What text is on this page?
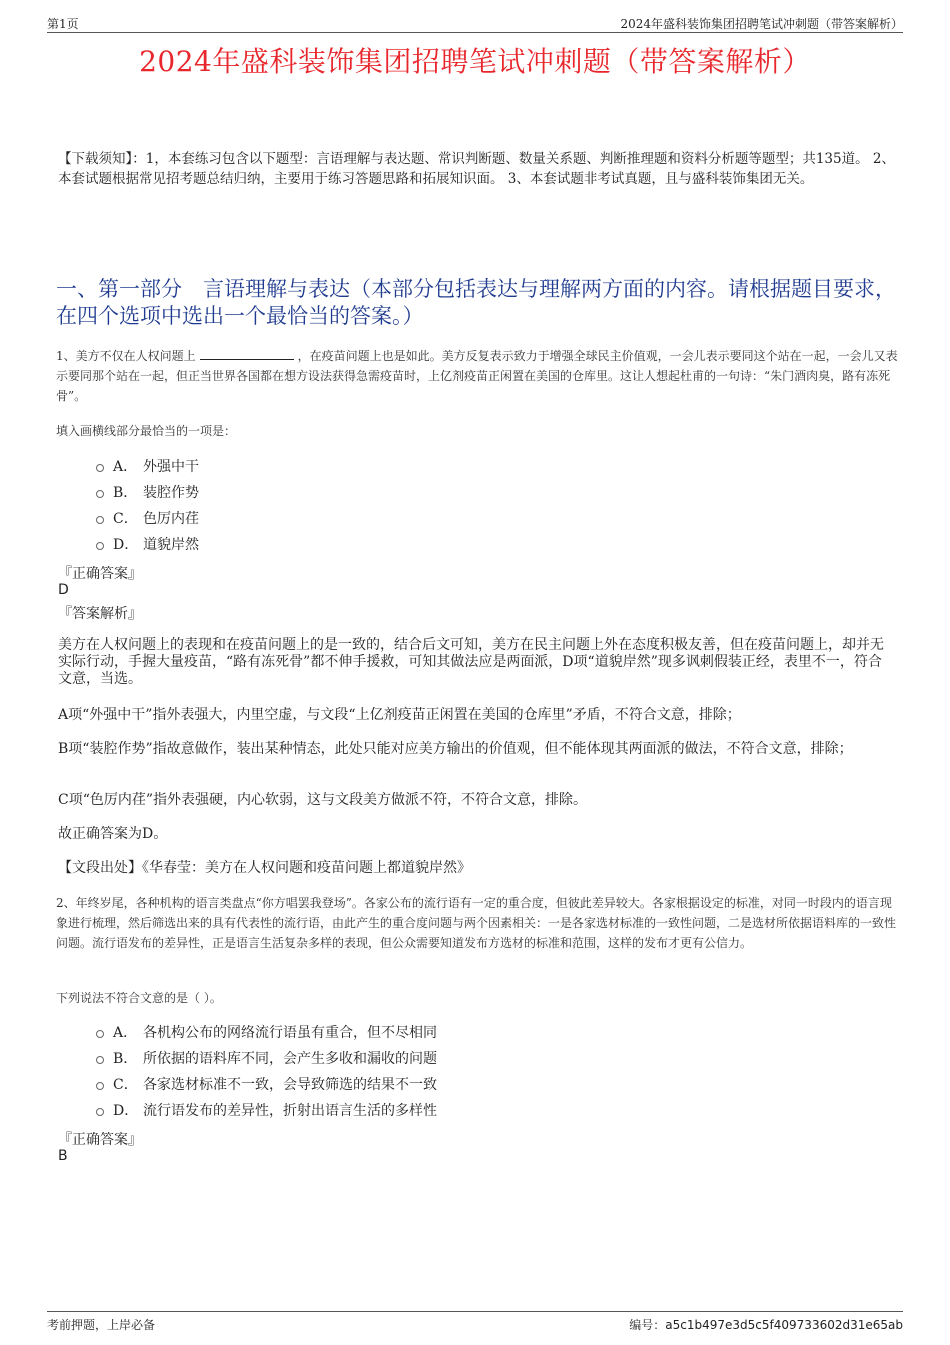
第1页	2024年盛科装饰集团招聘笔试冲刺题（带答案解析）
2024年盛科装饰集团招聘笔试冲刺题（带答案解析）
【下载须知】：1，本套练习包含以下题型：言语理解与表达题、常识判断题、数量关系题、判断推理题和资料分析题等题型；共135道。 2、本套试题根据常见招考题总结归纳，主要用于练习答题思路和拓展知识面。 3、本套试题非考试真题，且与盛科装饰集团无关。
一、第一部分　言语理解与表达（本部分包括表达与理解两方面的内容。请根据题目要求，在四个选项中选出一个最恰当的答案。）
1、美方不仅在人权问题上	，在疫苗问题上也是如此。美方反复表示致力于增强全球民主价值观，一会儿表示要同这个站在一起，一会儿又表示要同那个站在一起，但正当世界各国都在想方设法获得急需疫苗时，上亿剂疫苗正闲置在美国的仓库里。这让人想起杜甫的一句诗：“朱门酒肉臭，路有冻死骨”。
填入画横线部分最恰当的一项是：
A． 外强中干
B． 装腔作势
C． 色厉内荏
D． 道貌岸然
『正确答案』
D
『答案解析』
美方在人权问题上的表现和在疫苗问题上的是一致的，结合后文可知，美方在民主问题上外在态度积极友善，但在疫苗问题上，却并无实际行动，手握大量疫苗，“路有冻死骨”都不伸手援救，可知其做法应是两面派，D项“道貌岸然”现多讽刺假装正经，表里不一，符合文意，当选。
A项“外强中干”指外表强大，内里空虚，与文段“上亿剂疫苗正闲置在美国的仓库里”矛盾，不符合文意，排除；
B项“装腔作势”指故意做作，装出某种情态，此处只能对应美方输出的价值观，但不能体现其两面派的做法，不符合文意，排除；
C项“色厉内荏”指外表强硬，内心软弱，这与文段美方做派不符，不符合文意，排除。
故正确答案为D。
【文段出处】《华春莹：美方在人权问题和疫苗问题上都道貌岸然》
2、年终岁尾，各种机构的语言类盘点“你方唱罢我登场”。各家公布的流行语有一定的重合度，但彼此差异较大。各家根据设定的标准，对同一时段内的语言现象进行梳理，然后筛选出来的具有代表性的流行语，由此产生的重合度问题与两个因素相关：一是各家选材标准的一致性问题，二是选材所依据语料库的一致性问题。流行语发布的差异性，正是语言生活复杂多样的表现，但公众需要知道发布方选材的标准和范围，这样的发布才更有公信力。
下列说法不符合文意的是（ ）。
A． 各机构公布的网络流行语虽有重合，但不尽相同
B． 所依据的语料库不同，会产生多收和漏收的问题
C． 各家选材标准不一致，会导致筛选的结果不一致
D． 流行语发布的差异性，折射出语言生活的多样性
『正确答案』
B
考前押题，上岸必备	编号：a5c1b497e3d5c5f409733602d31e65ab
